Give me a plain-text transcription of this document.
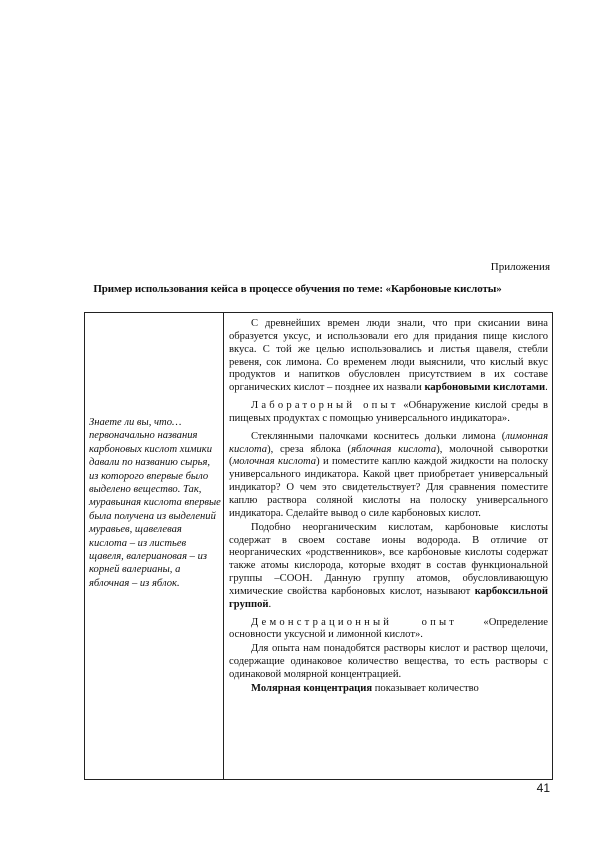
Приложения
Пример использования кейса в процессе обучения по теме: «Карбоновые кислоты»
Знаете ли вы, что… первоначально названия карбоновых кислот химики давали по названию сырья, из которого впервые было выделено вещество. Так, муравьиная кислота впервые была получена из выделений муравьев, щавелевая кислота – из листьев щавеля, валериановая – из корней валерианы, а яблочная – из яблок.

С древнейших времен люди знали, что при скисании вина образуется уксус, и использовали его для придания пище кислого вкуса. С той же целью использовались и листья щавеля, стебли ревеня, сок лимона. Со временем люди выяснили, что кислый вкус продуктов и напитков обусловлен присутствием в их составе органических кислот – позднее их назвали карбоновыми кислотами.

Лабораторный опыт «Обнаружение кислой среды в пищевых продуктах с помощью универсального индикатора».

Стеклянными палочками коснитесь дольки лимона (лимонная кислота), среза яблока (яблочная кислота), молочной сыворотки (молочная кислота) и поместите каплю каждой жидкости на полоску универсального индикатора. Какой цвет приобретает универсальный индикатор? О чем это свидетельствует? Для сравнения поместите каплю раствора соляной кислоты на полоску универсального индикатора. Сделайте вывод о силе карбоновых кислот.

Подобно неорганическим кислотам, карбоновые кислоты содержат в своем составе ионы водорода. В отличие от неорганических «родственников», все карбоновые кислоты содержат также атомы кислорода, которые входят в состав функциональной группы –СООН. Данную группу атомов, обусловливающую химические свойства карбоновых кислот, называют карбоксильной группой.

Демонстрационный опыт «Определение основности уксусной и лимонной кислот».

Для опыта нам понадобятся растворы кислот и раствор щелочи, содержащие одинаковое количество вещества, то есть растворы с одинаковой молярной концентрацией.

Молярная концентрация показывает количество

41
